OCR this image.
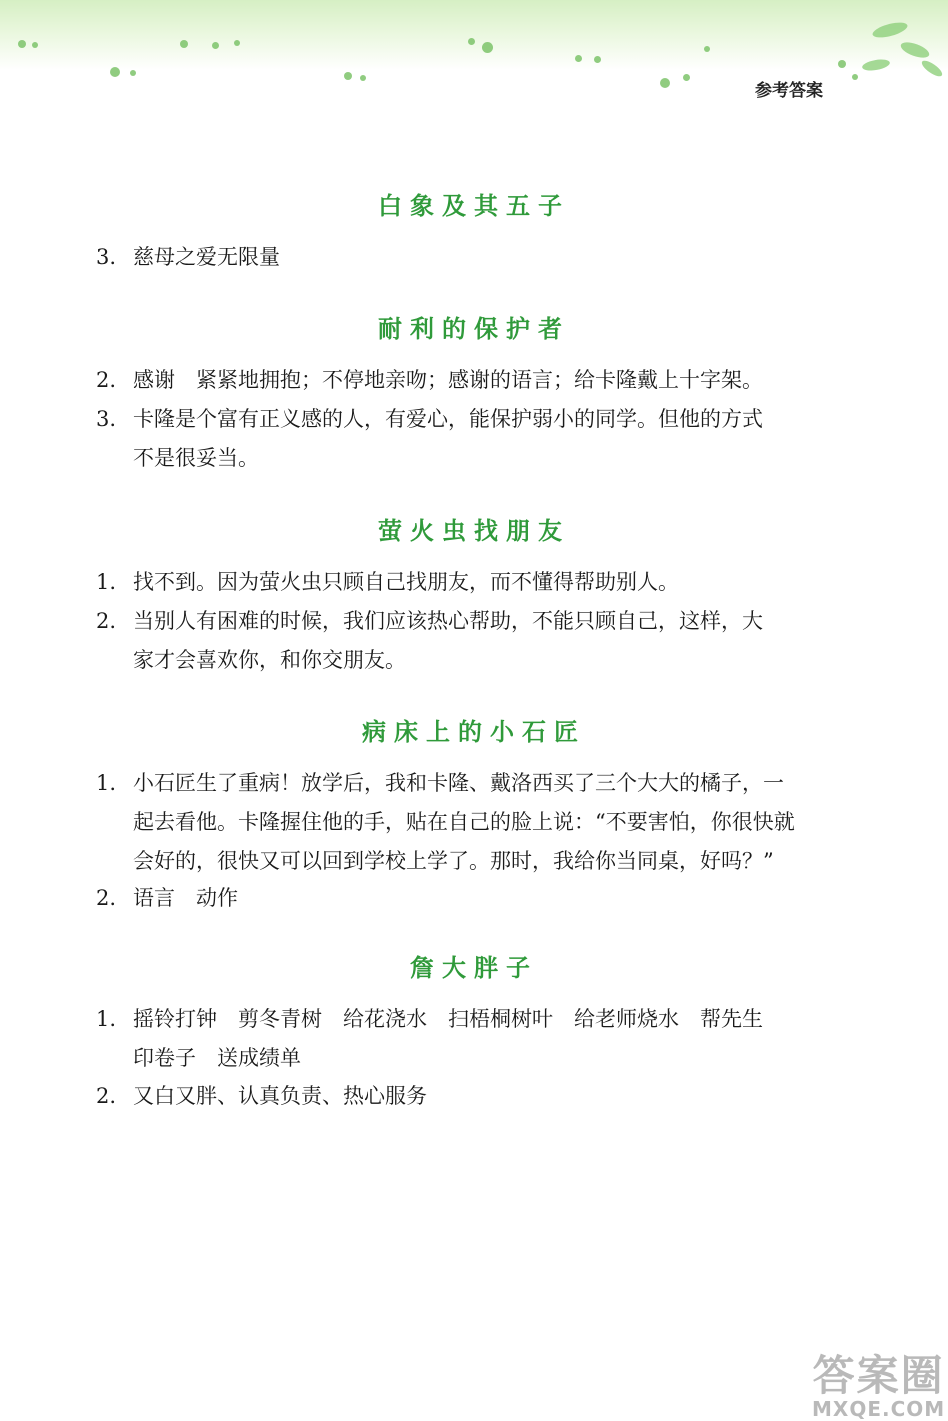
参考答案
白象及其五子
3. 慈母之爱无限量
耐利的保护者
2. 感谢　紧紧地拥抱；不停地亲吻；感谢的语言；给卡隆戴上十字架。
3. 卡隆是个富有正义感的人，有爱心，能保护弱小的同学。但他的方式
不是很妥当。
萤火虫找朋友
1. 找不到。因为萤火虫只顾自己找朋友，而不懂得帮助别人。
2. 当别人有困难的时候，我们应该热心帮助，不能只顾自己，这样，大
家才会喜欢你，和你交朋友。
病床上的小石匠
1. 小石匠生了重病！放学后，我和卡隆、戴洛西买了三个大大的橘子，一
起去看他。卡隆握住他的手，贴在自己的脸上说：“不要害怕，你很快就
会好的，很快又可以回到学校上学了。那时，我给你当同桌，好吗？”
2. 语言　动作
詹大胖子
1. 摇铃打钟　剪冬青树　给花浇水　扫梧桐树叶　给老师烧水　帮先生
印卷子　送成绩单
2. 又白又胖、认真负责、热心服务
答案圈
MXQE.COM
